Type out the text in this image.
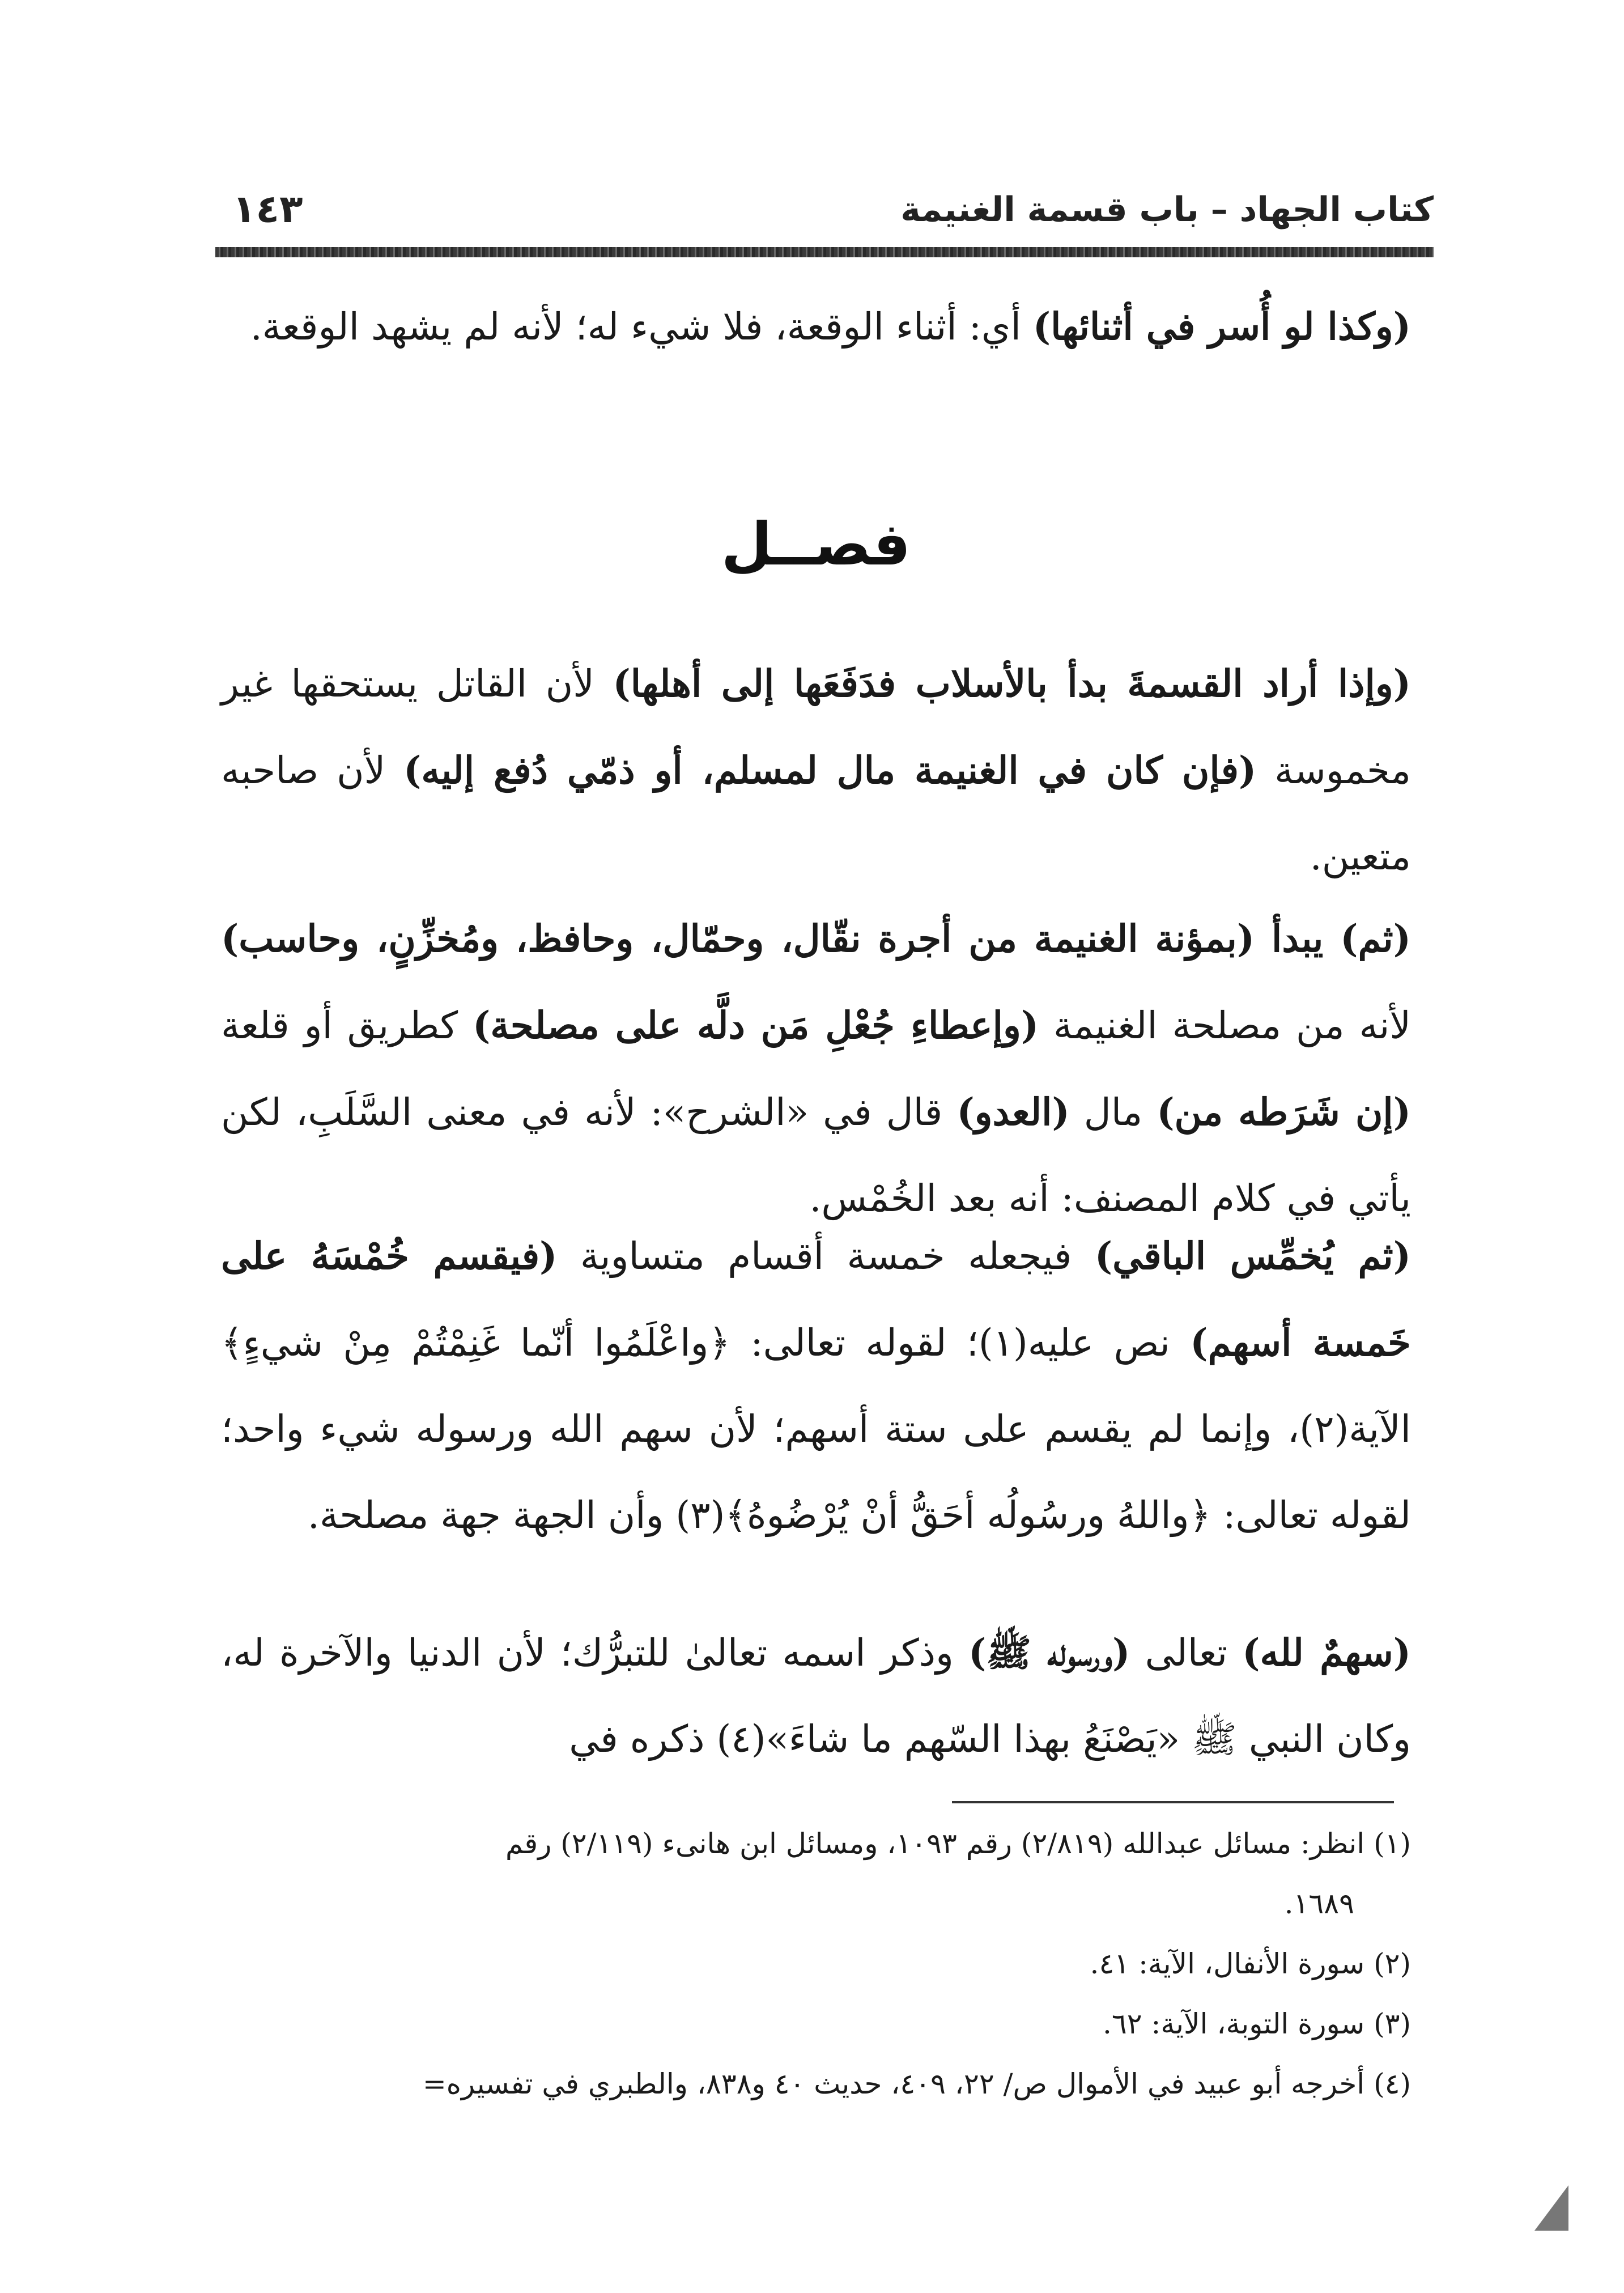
كتاب الجهاد – باب قسمة الغنيمة
١٤٣

(وكذا لو أُسر في أثنائها) أي: أثناء الوقعة، فلا شيء له؛ لأنه لم يشهد الوقعة.

فصــل

(وإذا أراد القسمةَ بدأ بالأسلاب فدَفَعَها إلى أهلها) لأن القاتل يستحقها غير مخموسة (فإن كان في الغنيمة مال لمسلم، أو ذمّي دُفع إليه) لأن صاحبه متعين.

(ثم) يبدأ (بمؤنة الغنيمة من أجرة نقّال، وحمّال، وحافظ، ومُخزِّنٍ، وحاسب) لأنه من مصلحة الغنيمة (وإعطاءِ جُعْلِ مَن دلَّه على مصلحة) كطريق أو قلعة (إن شَرَطه من) مال (العدو) قال في «الشرح»: لأنه في معنى السَّلَبِ، لكن يأتي في كلام المصنف: أنه بعد الخُمْس.

(ثم يُخمِّس الباقي) فيجعله خمسة أقسام متساوية (فيقسم خُمْسَهُ على خَمسة أسهم) نص عليه(١)؛ لقوله تعالى: ﴿واعْلَمُوا أنّما غَنِمْتُمْ مِنْ شيءٍ﴾ الآية(٢)، وإنما لم يقسم على ستة أسهم؛ لأن سهم الله ورسوله شيء واحد؛ لقوله تعالى: ﴿واللهُ ورسُولُه أحَقُّ أنْ يُرْضُوهُ﴾(٣) وأن الجهة جهة مصلحة.

(سهمٌ لله) تعالى (ورسوله ﷺ) وذكر اسمه تعالىٰ للتبرُّك؛ لأن الدنيا والآخرة له، وكان النبي ﷺ «يَصْنَعُ بهذا السّهم ما شاءَ»(٤) ذكره في

(١) انظر: مسائل عبدالله (٢/٨١٩) رقم ١٠٩٣، ومسائل ابن هانىء (٢/١١٩) رقم

١٦٨٩.

(٢) سورة الأنفال، الآية: ٤١.

(٣) سورة التوبة، الآية: ٦٢.

(٤) أخرجه أبو عبيد في الأموال ص/ ٢٢، ٤٠٩، حديث ٤٠ و٨٣٨، والطبري في تفسيره=
